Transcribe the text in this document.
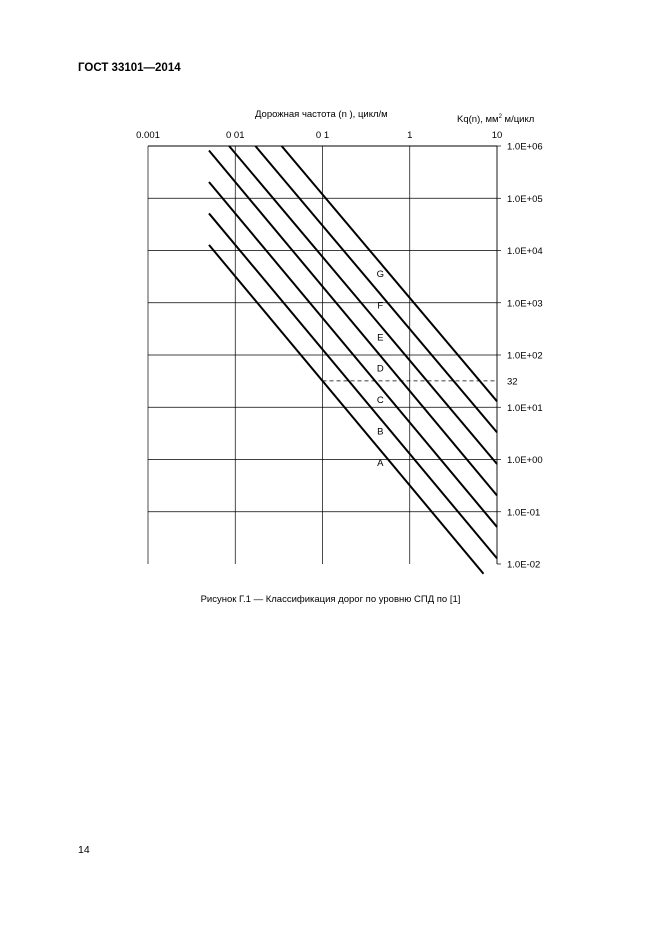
ГОСТ 33101—2014
Дорожная частота (n ), цикл/м	Kq(n), $мм^2$ м/цикл
0.001	0 01	0 1	1	10
1.0E+06
1.0E+05
1.0E+04
1.0E+03
1.0E+02
1.0E+01
1.0E+00
1.0E-01
1.0E-02
32
A
B
C
D
E
F
G
Рисунок Г.1 — Классификация дорог по уровню СПД по [1]
14
